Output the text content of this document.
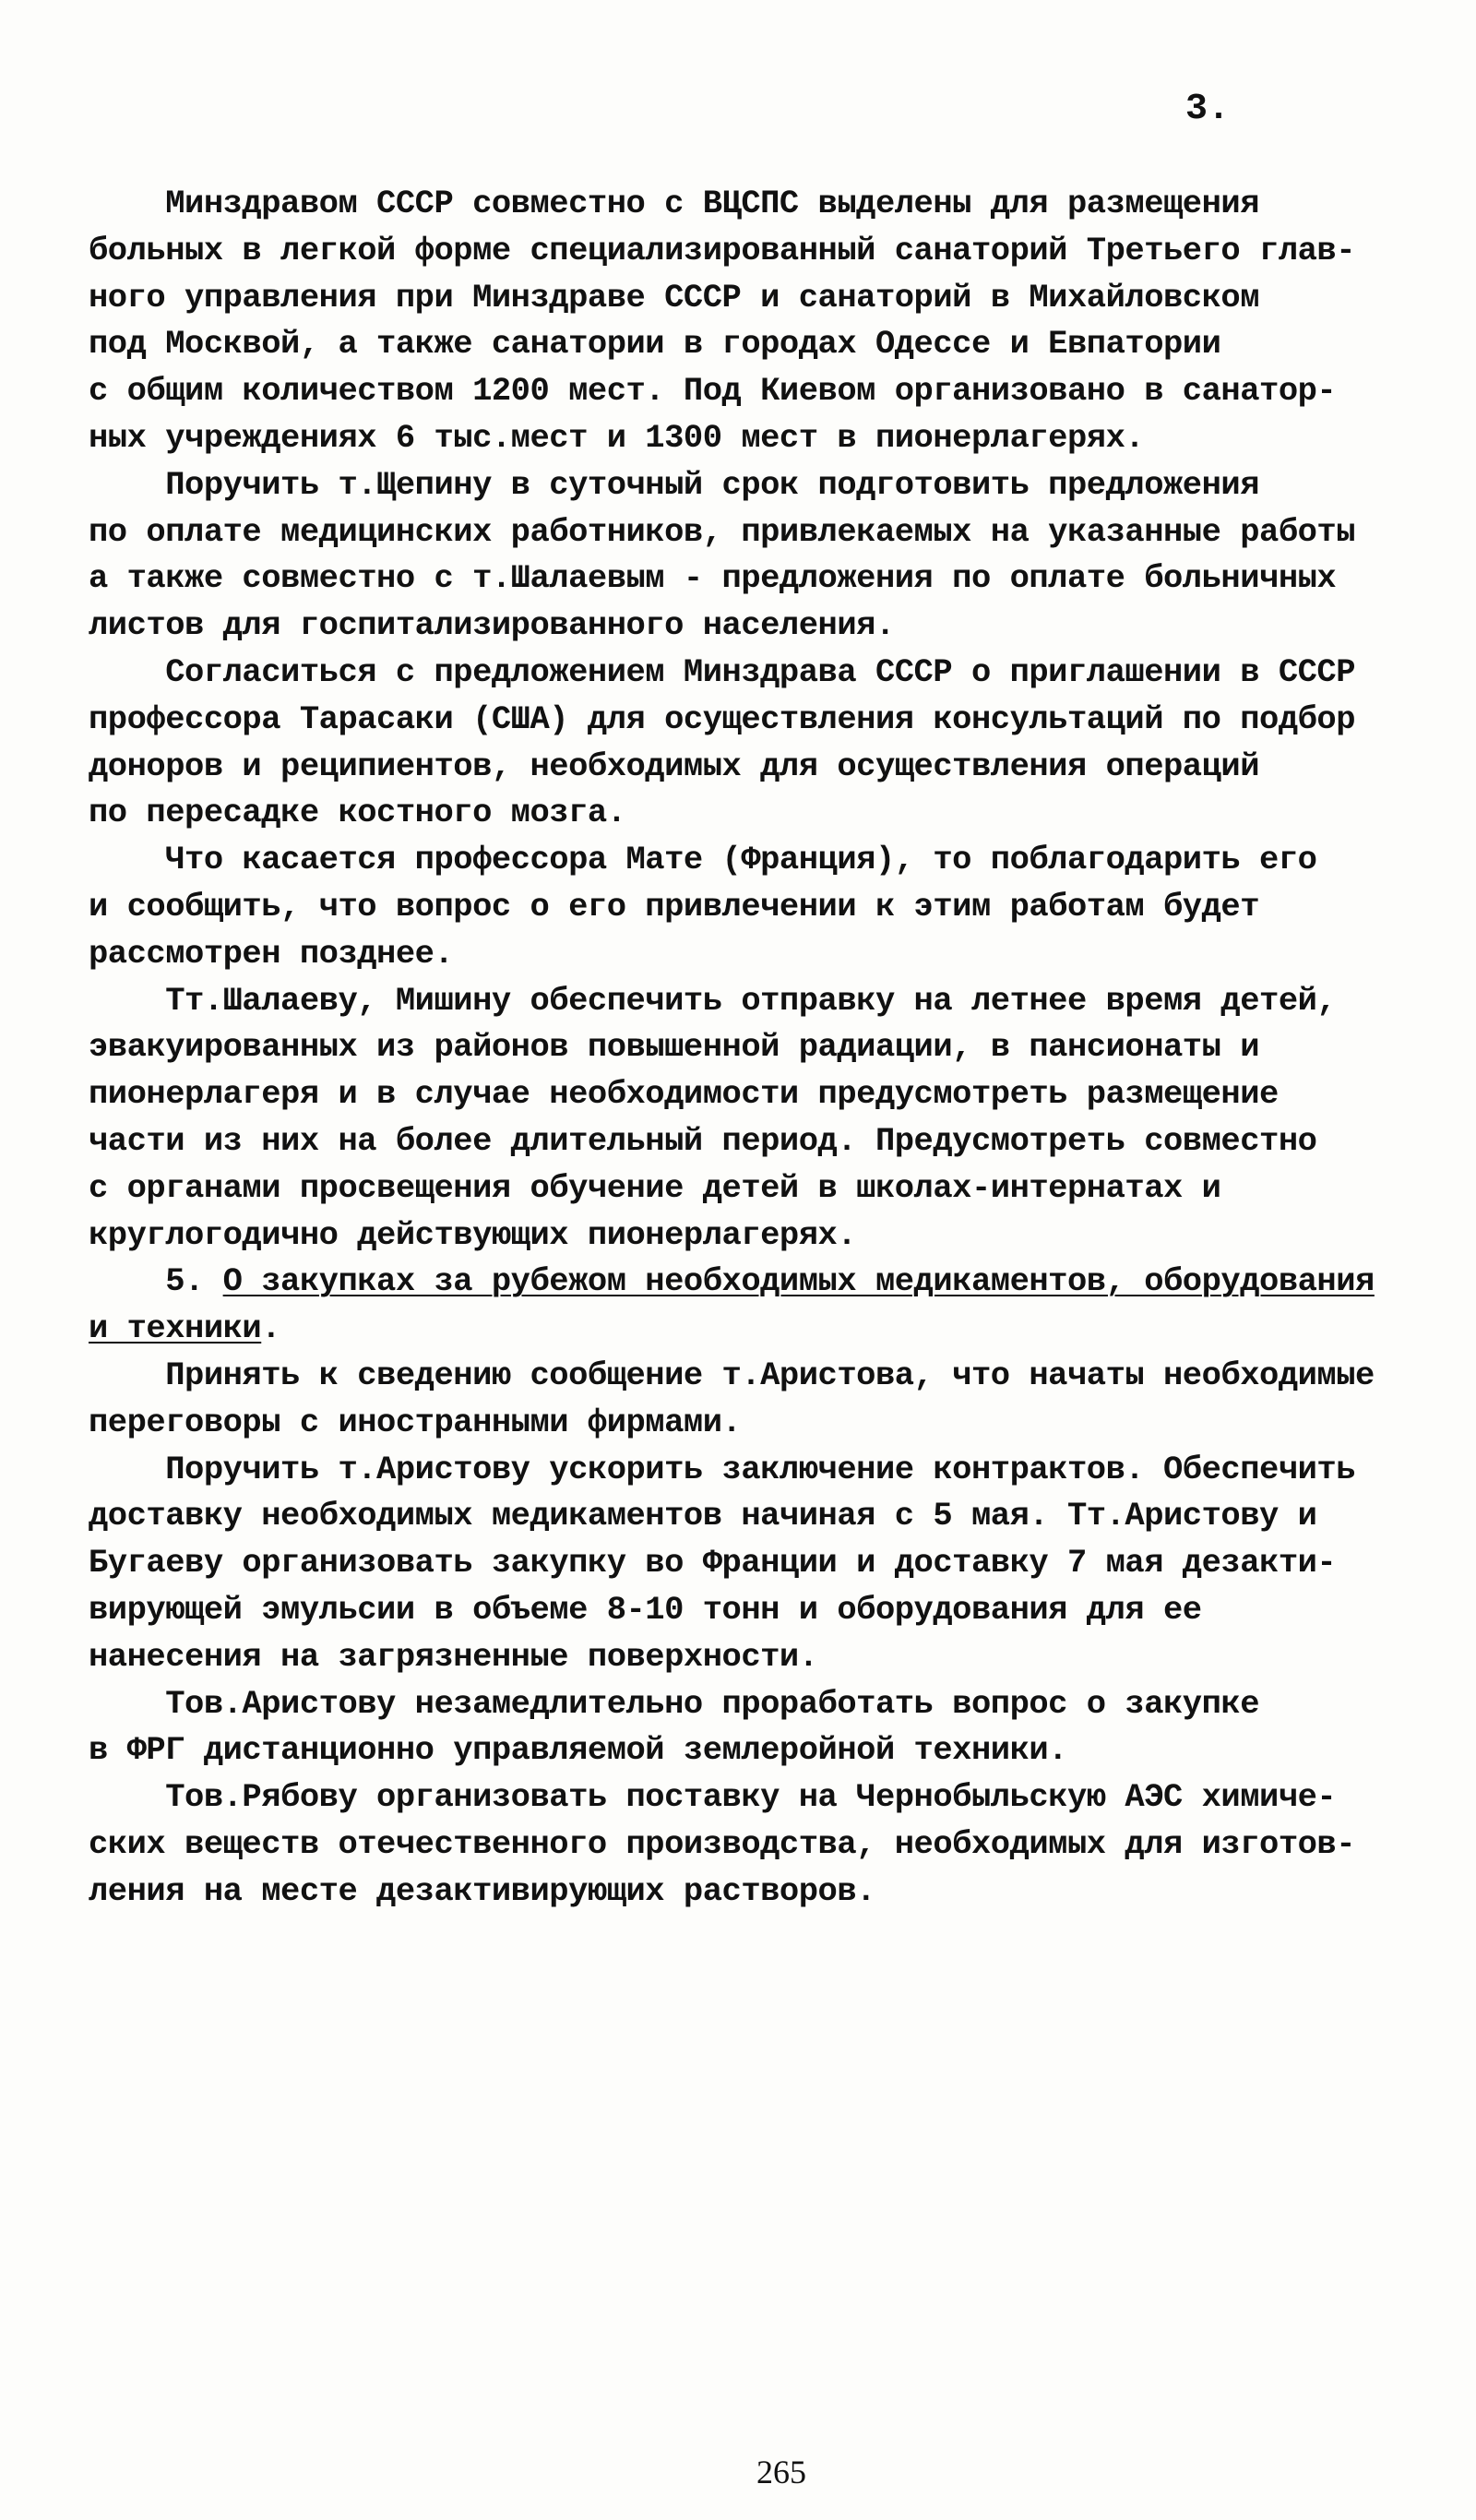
3.
Минздравом СССР совместно с ВЦСПС выделены для размещения
больных в легкой форме специализированный санаторий Третьего глав-
ного управления при Минздраве СССР и санаторий в Михайловском
под Москвой, а также санатории в городах Одессе и Евпатории
с общим количеством 1200 мест. Под Киевом организовано в санатор-
ных учреждениях 6 тыс.мест и 1300 мест в пионерлагерях.
Поручить т.Щепину в суточный срок подготовить предложения
по оплате медицинских работников, привлекаемых на указанные работы
а также совместно с т.Шалаевым - предложения по оплате больничных
листов для госпитализированного населения.
Согласиться с предложением Минздрава СССР о приглашении в СССР
профессора Тарасаки (США) для осуществления консультаций по подбор
доноров и реципиентов, необходимых для осуществления операций
по пересадке костного мозга.
Что касается профессора Мате (Франция), то поблагодарить его
и сообщить, что вопрос о его привлечении к этим работам будет
рассмотрен позднее.
Тт.Шалаеву, Мишину обеспечить отправку на летнее время детей,
эвакуированных из районов повышенной радиации, в пансионаты и
пионерлагеря и в случае необходимости предусмотреть размещение
части из них на более длительный период. Предусмотреть совместно
с органами просвещения обучение детей в школах-интернатах и
круглогодично действующих пионерлагерях.
5. О закупках за рубежом необходимых медикаментов, оборудования
и техники.
Принять к сведению сообщение т.Аристова, что начаты необходимые
переговоры с иностранными фирмами.
Поручить т.Аристову ускорить заключение контрактов. Обеспечить
доставку необходимых медикаментов начиная с 5 мая. Тт.Аристову и
Бугаеву организовать закупку во Франции и доставку 7 мая дезакти-
вирующей эмульсии в объеме 8-10 тонн и оборудования для ее
нанесения на загрязненные поверхности.
Тов.Аристову незамедлительно проработать вопрос о закупке
в ФРГ дистанционно управляемой землеройной техники.
Тов.Рябову организовать поставку на Чернобыльскую АЭС химиче-
ских веществ отечественного производства, необходимых для изготов-
ления на месте дезактивирующих растворов.
265
